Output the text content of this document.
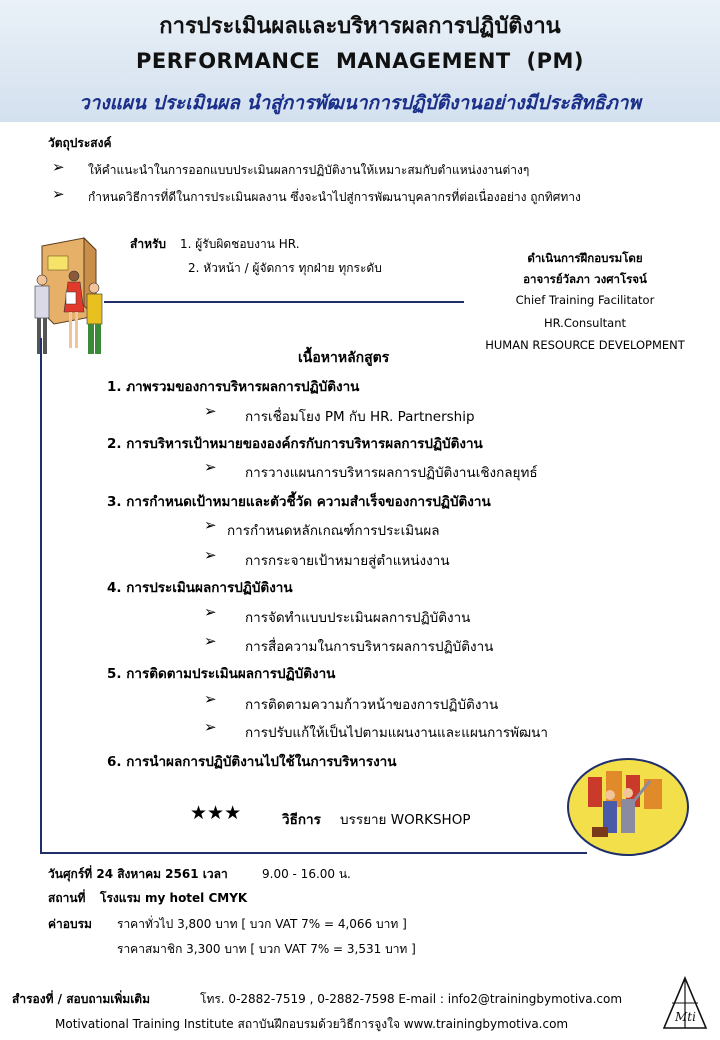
การประเมินผลและบริหารผลการปฏิบัติงาน
PERFORMANCE MANAGEMENT (PM)
วางแผน ประเมินผล นำสู่การพัฒนาการปฏิบัติงานอย่างมีประสิทธิภาพ
วัตถุประสงค์
➢ ให้คำแนะนำในการออกแบบประเมินผลการปฏิบัติงานให้เหมาะสมกับตำแหน่งงานต่างๆ
➢ กำหนดวิธีการที่ดีในการประเมินผลงาน ซึ่งจะนำไปสู่การพัฒนาบุคลากรที่ต่อเนื่องอย่าง ถูกทิศทาง
สำหรับ 1. ผู้รับผิดชอบงาน HR.
2. หัวหน้า / ผู้จัดการ ทุกฝ่าย ทุกระดับ
ดำเนินการฝึกอบรมโดย
อาจารย์วัลภา วงศาโรจน์
Chief Training Facilitator
HR.Consultant
HUMAN RESOURCE DEVELOPMENT
เนื้อหาหลักสูตร
1. ภาพรวมของการบริหารผลการปฏิบัติงาน
➢ การเชื่อมโยง PM กับ HR. Partnership
2. การบริหารเป้าหมายขององค์กรกับการบริหารผลการปฏิบัติงาน
➢ การวางแผนการบริหารผลการปฏิบัติงานเชิงกลยุทธ์
3. การกำหนดเป้าหมายและตัวชี้วัด ความสำเร็จของการปฏิบัติงาน
➢ การกำหนดหลักเกณฑ์การประเมินผล
➢ การกระจายเป้าหมายสู่ตำแหน่งงาน
4. การประเมินผลการปฏิบัติงาน
➢ การจัดทำแบบประเมินผลการปฏิบัติงาน
➢ การสื่อความในการบริหารผลการปฏิบัติงาน
5. การติดตามประเมินผลการปฏิบัติงาน
➢ การติดตามความก้าวหน้าของการปฏิบัติงาน
➢ การปรับแก้ให้เป็นไปตามแผนงานและแผนการพัฒนา
6. การนำผลการปฏิบัติงานไปใช้ในการบริหารงาน
★★★	วิธีการ บรรยาย WORKSHOP
วันศุกร์ที่ 24 สิงหาคม 2561 เวลา	9.00 - 16.00 น.
สถานที่ โรงแรม my hotel CMYK
ค่าอบรม ราคาทั่วไป 3,800 บาท [ บวก VAT 7% = 4,066 บาท ]
ราคาสมาชิก 3,300 บาท [ บวก VAT 7% = 3,531 บาท ]
สำรองที่ / สอบถามเพิ่มเติม	โทร. 0-2882-7519 , 0-2882-7598 E-mail : info2@trainingbymotiva.com
Motivational Training Institute สถาบันฝึกอบรมด้วยวิธีการจูงใจ www.trainingbymotiva.com	Mti
